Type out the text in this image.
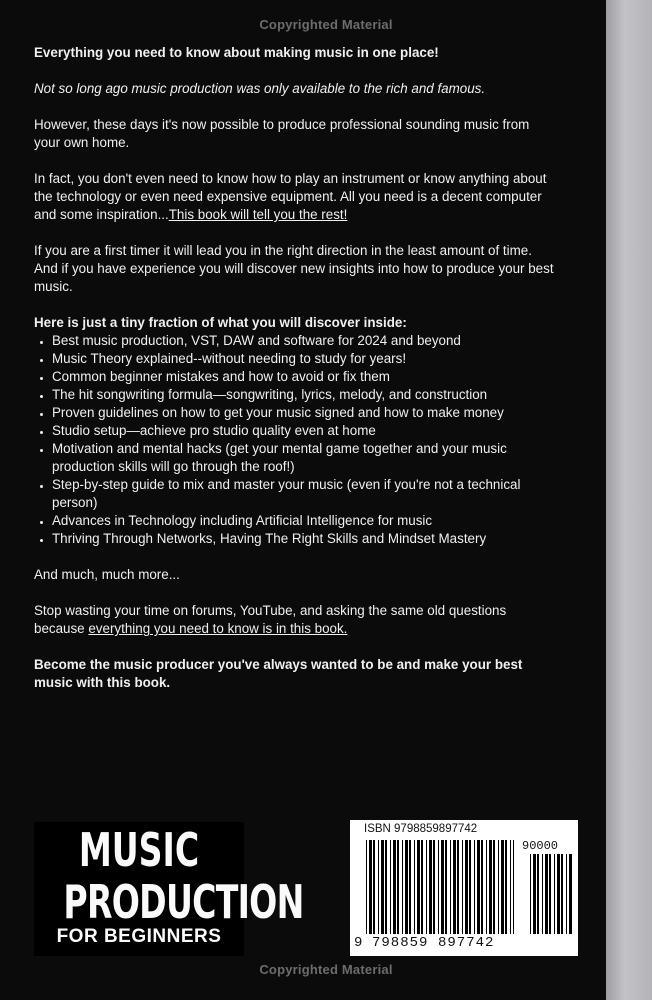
Copyrighted Material

Everything you need to know about making music in one place!

Not so long ago music production was only available to the rich and famous.

However, these days it's now possible to produce professional sounding music from your own home.

In fact, you don't even need to know how to play an instrument or know anything about the technology or even need expensive equipment. All you need is a decent computer and some inspiration...This book will tell you the rest!

If you are a first timer it will lead you in the right direction in the least amount of time.
And if you have experience you will discover new insights into how to produce your best music.

Here is just a tiny fraction of what you will discover inside:
• Best music production, VST, DAW and software for 2024 and beyond
• Music Theory explained--without needing to study for years!
• Common beginner mistakes and how to avoid or fix them
• The hit songwriting formula—songwriting, lyrics, melody, and construction
• Proven guidelines on how to get your music signed and how to make money
• Studio setup—achieve pro studio quality even at home
• Motivation and mental hacks (get your mental game together and your music production skills will go through the roof!)
• Step-by-step guide to mix and master your music (even if you're not a technical person)
• Advances in Technology including Artificial Intelligence for music
• Thriving Through Networks, Having The Right Skills and Mindset Mastery

And much, much more...

Stop wasting your time on forums, YouTube, and asking the same old questions because everything you need to know is in this book.

Become the music producer you've always wanted to be and make your best music with this book.

MUSIC
PRODUCTION
FOR BEGINNERS
ISBN 9798859897742
90000
9 798859 897742
Copyrighted Material
